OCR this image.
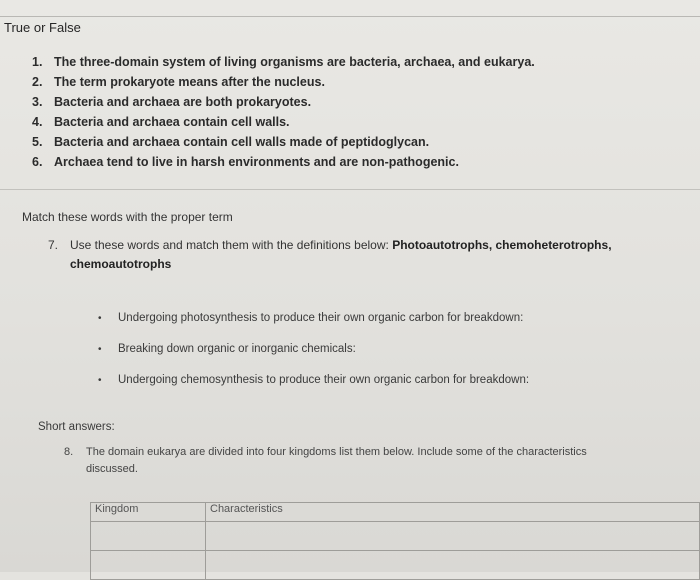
True or False
1. The three-domain system of living organisms are bacteria, archaea, and eukarya.
2. The term prokaryote means after the nucleus.
3. Bacteria and archaea are both prokaryotes.
4. Bacteria and archaea contain cell walls.
5. Bacteria and archaea contain cell walls made of peptidoglycan.
6. Archaea tend to live in harsh environments and are non-pathogenic.
Match these words with the proper term
7. Use these words and match them with the definitions below: Photoautotrophs, chemoheterotrophs,
chemoautotrophs
• Undergoing photosynthesis to produce their own organic carbon for breakdown:
• Breaking down organic or inorganic chemicals:
• Undergoing chemosynthesis to produce their own organic carbon for breakdown:
Short answers:
8. The domain eukarya are divided into four kingdoms list them below. Include some of the characteristics
discussed.
Kingdom	Characteristics
